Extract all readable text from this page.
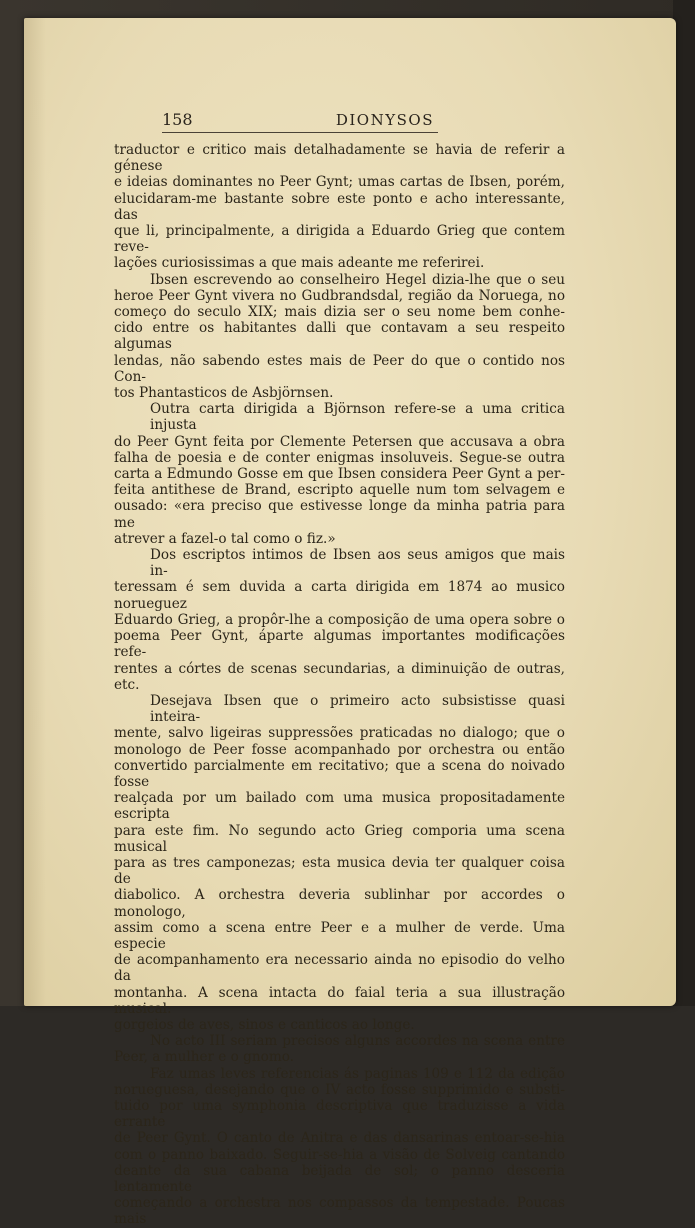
158	DIONYSOS
traductor e critico mais detalhadamente se havia de referir a génese
e ideias dominantes no Peer Gynt; umas cartas de Ibsen, porém,
elucidaram-me bastante sobre este ponto e acho interessante, das
que li, principalmente, a dirigida a Eduardo Grieg que contem reve-
lações curiosissimas a que mais adeante me referirei.
Ibsen escrevendo ao conselheiro Hegel dizia-lhe que o seu
heroe Peer Gynt vivera no Gudbrandsdal, região da Noruega, no
começo do seculo XIX; mais dizia ser o seu nome bem conhe-
cido entre os habitantes dalli que contavam a seu respeito algumas
lendas, não sabendo estes mais de Peer do que o contido nos Con-
tos Phantasticos de Asbjörnsen.
Outra carta dirigida a Björnson refere-se a uma critica injusta
do Peer Gynt feita por Clemente Petersen que accusava a obra
falha de poesia e de conter enigmas insoluveis. Segue-se outra
carta a Edmundo Gosse em que Ibsen considera Peer Gynt a per-
feita antithese de Brand, escripto aquelle num tom selvagem e
ousado: «era preciso que estivesse longe da minha patria para me
atrever a fazel-o tal como o fiz.»
Dos escriptos intimos de Ibsen aos seus amigos que mais in-
teressam é sem duvida a carta dirigida em 1874 ao musico norueguez
Eduardo Grieg, a propôr-lhe a composição de uma opera sobre o
poema Peer Gynt, áparte algumas importantes modificações refe-
rentes a córtes de scenas secundarias, a diminuição de outras, etc.
Desejava Ibsen que o primeiro acto subsistisse quasi inteira-
mente, salvo ligeiras suppressões praticadas no dialogo; que o
monologo de Peer fosse acompanhado por orchestra ou então
convertido parcialmente em recitativo; que a scena do noivado fosse
realçada por um bailado com uma musica propositadamente escripta
para este fim. No segundo acto Grieg comporia uma scena musical
para as tres camponezas; esta musica devia ter qualquer coisa de
diabolico. A orchestra deveria sublinhar por accordes o monologo,
assim como a scena entre Peer e a mulher de verde. Uma especie
de acompanhamento era necessario ainda no episodio do velho da
montanha. A scena intacta do faial teria a sua illustração musical:
gorgeios de aves, sinos e canticos ao longe.
No acto III seriam precisos alguns accordes na scena entre
Peer, a mulher e o gnomo.
Faz umas leves referencias ás paginas 109 e 112 da edição
norueguesa, desejando que o IV acto fosse supprimido e substi-
tuido por uma symphonia descriptiva que traduzisse a vida errante
de Peer Gynt. O canto de Anitra e das dansarinas entoar-se-hia
com o panno baixado. Seguir-se-hia a visão de Solveig cantando
deante da sua cabana beijada de sol; o panno desceria lentamente
começando a orchestra nos compassos da tempestade. Poucas mais
